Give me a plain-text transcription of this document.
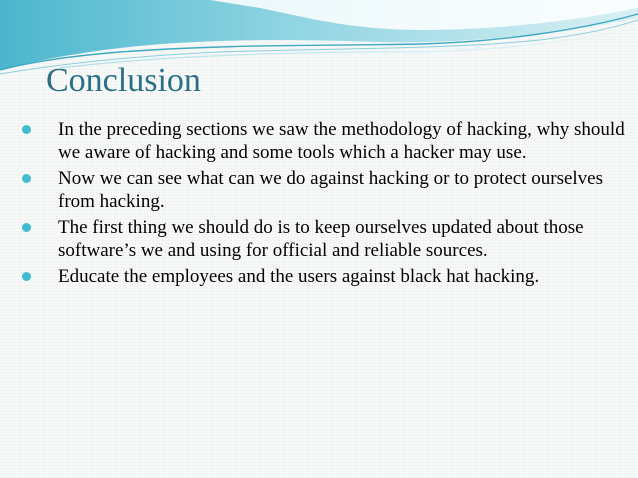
Conclusion
In the preceding sections we saw the methodology of hacking, why should we aware of hacking and some tools which a hacker may use.
Now we can see what can we do against hacking or to protect ourselves from hacking.
The first thing we should do is to keep ourselves updated about those software’s we and using for official and reliable sources.
Educate the employees and the users against black hat hacking.
